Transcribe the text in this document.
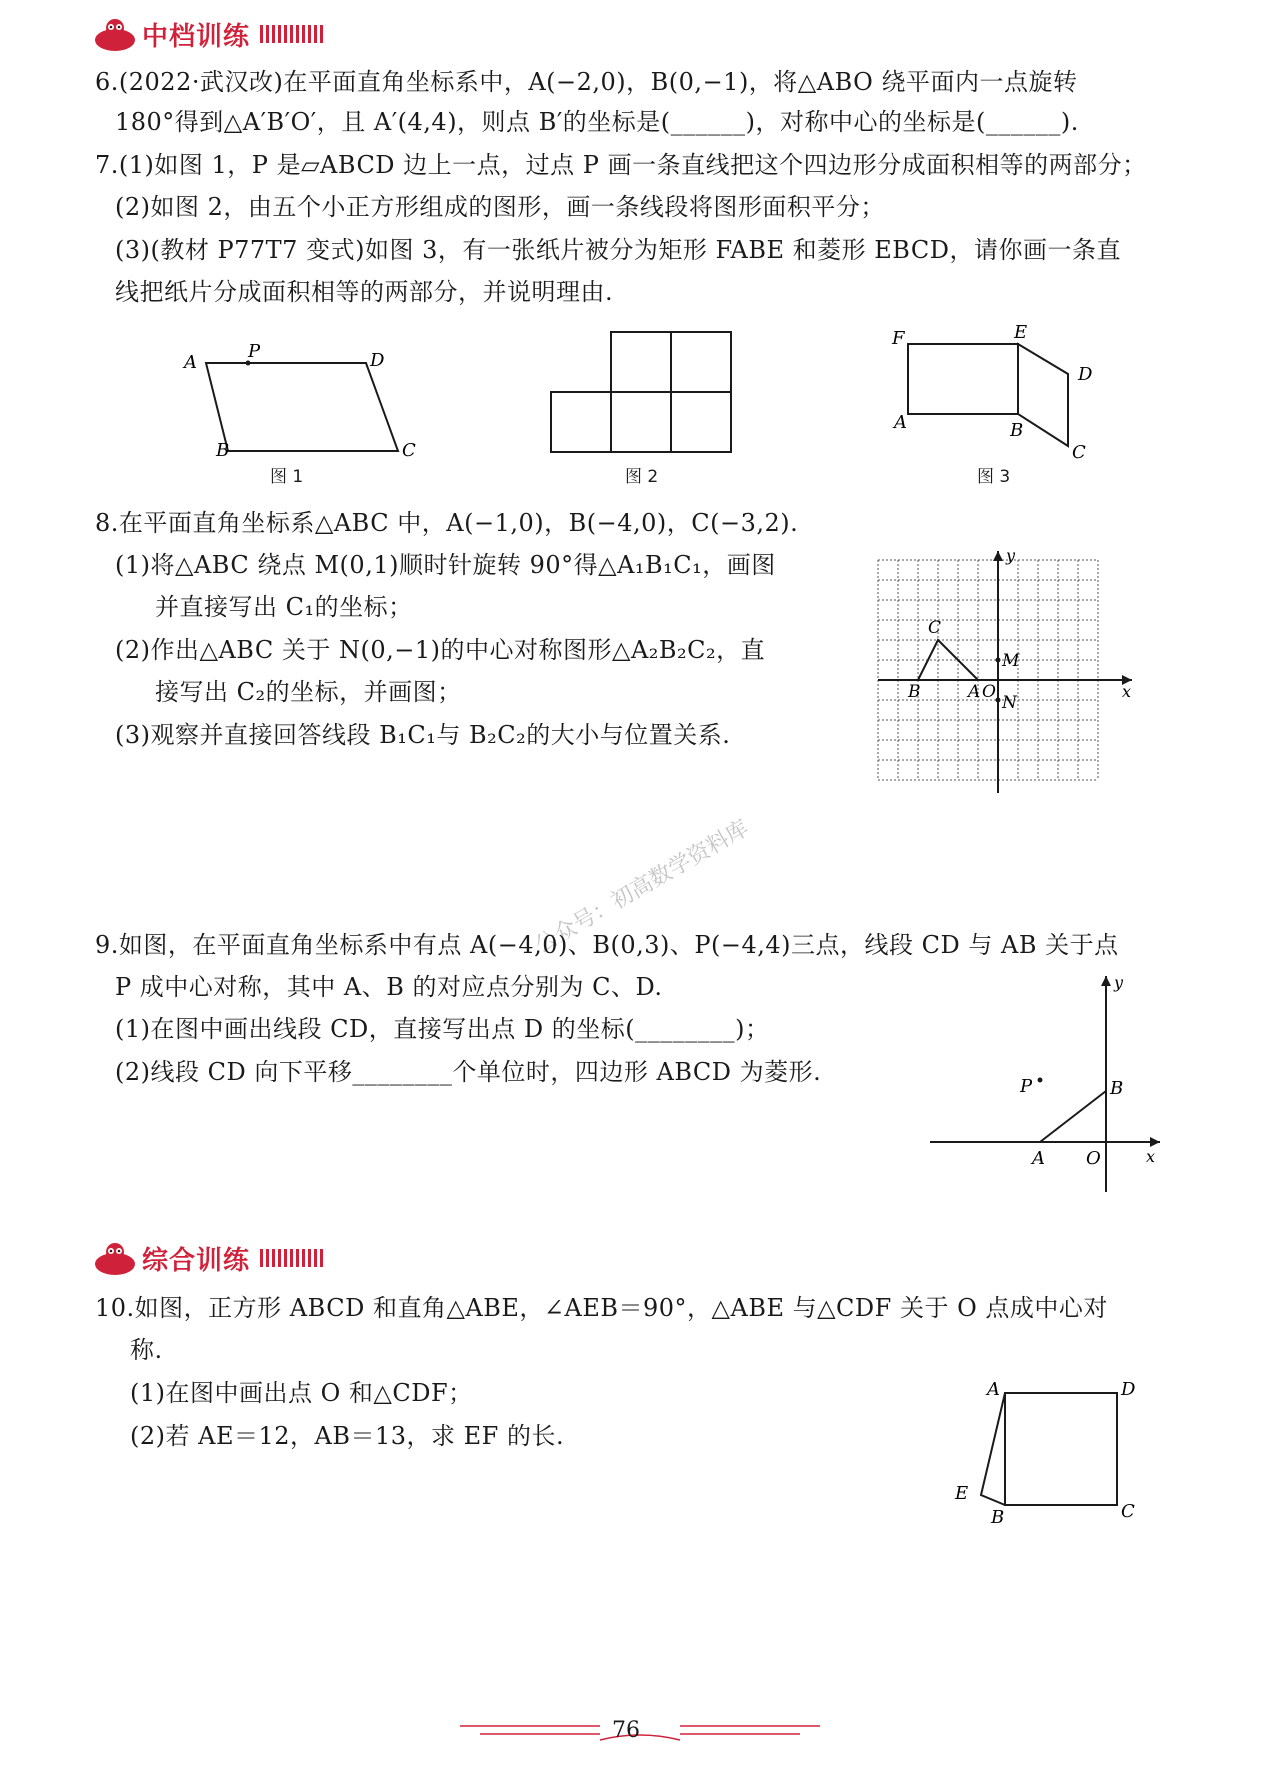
中档训练
6.(2022·武汉改)在平面直角坐标系中，A(−2,0)，B(0,−1)，将△ABO 绕平面内一点旋转
180°得到△A′B′O′，且 A′(4,4)，则点 B′的坐标是(______)，对称中心的坐标是(______).
7.(1)如图 1，P 是▱ABCD 边上一点，过点 P 画一条直线把这个四边形分成面积相等的两部分；
(2)如图 2，由五个小正方形组成的图形，画一条线段将图形面积平分；
(3)(教材 P77T7 变式)如图 3，有一张纸片被分为矩形 FABE 和菱形 EBCD，请你画一条直
线把纸片分成面积相等的两部分，并说明理由.
A
P	D
B	C
图 1	图 2
F	E
D
A	B
C
图 3
8.在平面直角坐标系△ABC 中，A(−1,0)，B(−4,0)，C(−3,2).
(1)将△ABC 绕点 M(0,1)顺时针旋转 90°得△A₁B₁C₁，画图
并直接写出 C₁的坐标；
(2)作出△ABC 关于 N(0,−1)的中心对称图形△A₂B₂C₂，直
接写出 C₂的坐标，并画图；
(3)观察并直接回答线段 B₁C₁与 B₂C₂的大小与位置关系.
y
x
C
B	A O
M
N
公众号：初高数学资料库
9.如图，在平面直角坐标系中有点 A(−4,0)、B(0,3)、P(−4,4)三点，线段 CD 与 AB 关于点
P 成中心对称，其中 A、B 的对应点分别为 C、D.
(1)在图中画出线段 CD，直接写出点 D 的坐标(________)；
(2)线段 CD 向下平移________个单位时，四边形 ABCD 为菱形.
y
x
P	B
A O
综合训练
10.如图，正方形 ABCD 和直角△ABE，∠AEB＝90°，△ABE 与△CDF 关于 O 点成中心对
称.
(1)在图中画出点 O 和△CDF；
(2)若 AE＝12，AB＝13，求 EF 的长.
A	D
E
B	C
76
